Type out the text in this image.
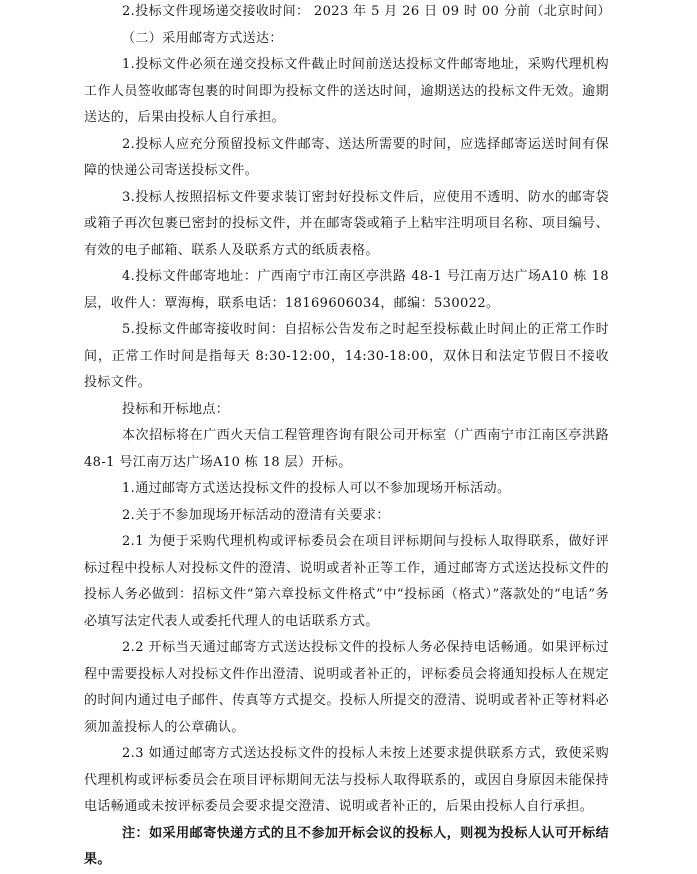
2.投标文件现场递交接收时间： 2023 年 5 月 26 日 09 时 00 分前（北京时间）

（二）采用邮寄方式送达：

1.投标文件必须在递交投标文件截止时间前送达投标文件邮寄地址，采购代理机构工作人员签收邮寄包裹的时间即为投标文件的送达时间，逾期送达的投标文件无效。逾期送达的，后果由投标人自行承担。

2.投标人应充分预留投标文件邮寄、送达所需要的时间，应选择邮寄运送时间有保障的快递公司寄送投标文件。

3.投标人按照招标文件要求装订密封好投标文件后，应使用不透明、防水的邮寄袋或箱子再次包裹已密封的投标文件，并在邮寄袋或箱子上粘牢注明项目名称、项目编号、有效的电子邮箱、联系人及联系方式的纸质表格。

4.投标文件邮寄地址：广西南宁市江南区亭洪路 48-1 号江南万达广场A10 栋 18 层，收件人：覃海梅，联系电话：18169606034，邮编：530022。

5.投标文件邮寄接收时间：自招标公告发布之时起至投标截止时间止的正常工作时间，正常工作时间是指每天 8:30-12:00，14:30-18:00，双休日和法定节假日不接收投标文件。

投标和开标地点：

本次招标将在广西火天信工程管理咨询有限公司开标室（广西南宁市江南区亭洪路 48-1 号江南万达广场A10 栋 18 层）开标。

1.通过邮寄方式送达投标文件的投标人可以不参加现场开标活动。

2.关于不参加现场开标活动的澄清有关要求：

2.1 为便于采购代理机构或评标委员会在项目评标期间与投标人取得联系，做好评标过程中投标人对投标文件的澄清、说明或者补正等工作，通过邮寄方式送达投标文件的投标人务必做到：招标文件“第六章投标文件格式”中“投标函（格式）”落款处的“电话”务必填写法定代表人或委托代理人的电话联系方式。

2.2 开标当天通过邮寄方式送达投标文件的投标人务必保持电话畅通。如果评标过程中需要投标人对投标文件作出澄清、说明或者补正的，评标委员会将通知投标人在规定的时间内通过电子邮件、传真等方式提交。投标人所提交的澄清、说明或者补正等材料必须加盖投标人的公章确认。

2.3 如通过邮寄方式送达投标文件的投标人未按上述要求提供联系方式，致使采购代理机构或评标委员会在项目评标期间无法与投标人取得联系的，或因自身原因未能保持电话畅通或未按评标委员会要求提交澄清、说明或者补正的，后果由投标人自行承担。

注：如采用邮寄快递方式的且不参加开标会议的投标人，则视为投标人认可开标结果。
